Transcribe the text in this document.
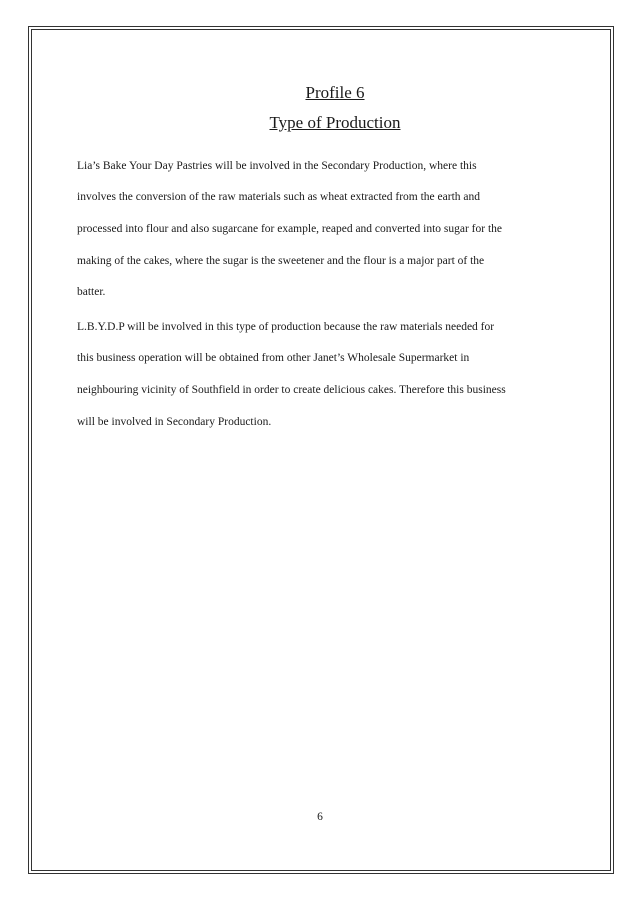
Profile 6
Type of Production
Lia’s Bake Your Day Pastries will be involved in the Secondary Production, where this
involves the conversion of the raw materials such as wheat extracted from the earth and
processed into flour and also sugarcane for example, reaped and converted into sugar for the
making of the cakes, where the sugar is the sweetener and the flour is a major part of the
batter.
L.B.Y.D.P will be involved in this type of production because the raw materials needed for
this business operation will be obtained from other Janet’s Wholesale Supermarket in
neighbouring vicinity of Southfield in order to create delicious cakes. Therefore this business
will be involved in Secondary Production.
6
